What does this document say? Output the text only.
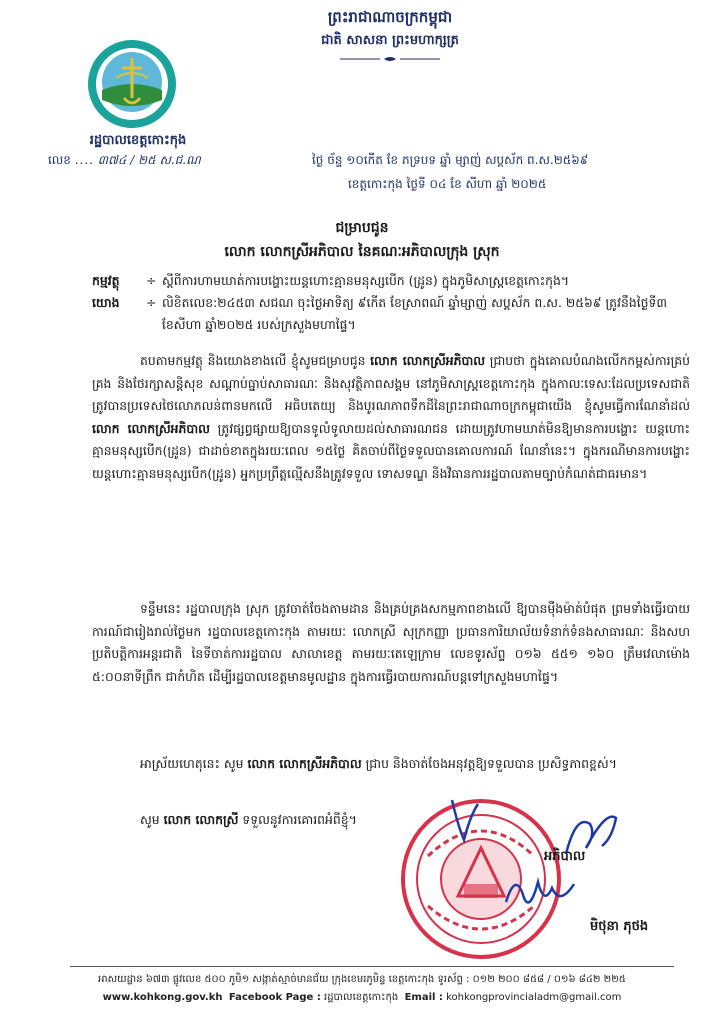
ព្រះរាជាណាចក្រកម្ពុជា
ជាតិ សាសនា ព្រះមហាក្សត្រ
រដ្ឋបាលខេត្តកោះកុង
លេខ .... ៣៧៤ / ២៥ ស.ជ.ណ	ថ្ងៃ ច័ន្ទ ១០កើត ខែ ភទ្របទ ឆ្នាំ ម្សាញ់ សប្តស័ក ព.ស.២៥៦៩
ខេត្តកោះកុង ថ្ងៃទី ០៤ ខែ សីហា ឆ្នាំ ២០២៥
ជម្រាបជូន
លោក លោកស្រីអភិបាល នៃគណៈអភិបាលក្រុង ស្រុក
កម្មវត្ថុ	÷ ស្តីពីការហាមឃាត់ការបង្ហោះយន្តហោះគ្មានមនុស្សបើក (ដ្រូន) ក្នុងភូមិសាស្ត្រខេត្តកោះកុង។
យោង	÷ លិខិតលេខ:២៤៥៣ សជណ ចុះថ្ងៃអាទិត្យ ៩កើត ខែស្រាពណ៍ ឆ្នាំម្សាញ់ សប្តស័ក ព.ស. ២៥៦៩ ត្រូវនឹងថ្ងៃទី៣ ខែសីហា ឆ្នាំ២០២៥ របស់ក្រសួងមហាផ្ទៃ។
តបតាមកម្មវត្ថុ និងយោងខាងលើ ខ្ញុំសូមជម្រាបជូន លោក លោកស្រីអភិបាល ជ្រាបថា ក្នុងគោលបំណងលើកកម្ពស់ការគ្រប់គ្រង និងថែរក្សាសន្តិសុខ សណ្តាប់ធ្នាប់សាធារណៈ និងសុវត្ថិភាពសង្គម នៅភូមិសាស្ត្រខេត្តកោះកុង ក្នុងកាលៈទេសៈដែលប្រទេសជាតិត្រូវបានប្រទេសថៃលោភលន់ពានមកលើ អធិបតេយ្យ និងបូរណភាពទឹកដីនៃព្រះរាជាណាចក្រកម្ពុជាយើង ខ្ញុំសូមធ្វើការណែនាំដល់ លោក លោកស្រីអភិបាល ត្រូវផ្សព្វផ្សាយឱ្យបានទូលំទូលាយដល់សាធារណជន ដោយត្រូវហាមឃាត់មិនឱ្យមានការបង្ហោះ យន្តហោះគ្មានមនុស្សបើក(ដ្រូន) ជាដាច់ខាតក្នុងរយៈពេល ១៥ថ្ងៃ គិតចាប់ពីថ្ងៃទទួលបានគោលការណ៍ ណែនាំនេះ។ ក្នុងករណីមានការបង្ហោះយន្តហោះគ្មានមនុស្សបើក(ដ្រូន) អ្នកប្រព្រឹត្តល្មើសនឹងត្រូវទទួល ទោសទណ្ឌ និងវិធានការរដ្ឋបាលតាមច្បាប់កំណត់ជាធរមាន។
ទន្ទឹមនេះ រដ្ឋបាលក្រុង ស្រុក ត្រូវចាត់ចែងតាមដាន និងគ្រប់គ្រងសកម្មភាពខាងលើ ឱ្យបានម៉ឺងម៉ាត់បំផុត ព្រមទាំងធ្វើរបាយការណ៍ជារៀងរាល់ថ្ងៃមក រដ្ឋបាលខេត្តកោះកុង តាមរយៈ លោកស្រី សុក្រកញ្ញា ប្រធានការិយាល័យទំនាក់ទំនងសាធារណៈ និងសហប្រតិបត្តិការអន្តរជាតិ នៃទីចាត់ការរដ្ឋបាល សាលាខេត្ត តាមរយៈតេឡេក្រាម លេខទូរស័ព្ទ ០១៦ ៥៥១ ១៦០ ត្រឹមវេលាម៉ោង ៥:០០នាទីព្រឹក ជាកំហិត ដើម្បីរដ្ឋបាលខេត្តមានមូលដ្ឋាន ក្នុងការធ្វើរបាយការណ៍បន្តទៅក្រសួងមហាផ្ទៃ។
អាស្រ័យហេតុនេះ សូម លោក លោកស្រីអភិបាល ជ្រាប និងចាត់ចែងអនុវត្តឱ្យទទួលបាន ប្រសិទ្ធភាពខ្ពស់។
សូម លោក លោកស្រី ទទួលនូវការគោរពអំពីខ្ញុំ។
អភិបាល
មិថុនា ភុថង
អាសយដ្ឋាន ៦៧៣ ផ្លូវលេខ ៥០០ ភូមិ១ សង្កាត់ស្មាច់មានជ័យ ក្រុងខេមរភូមិន្ទ ខេត្តកោះកុង ទូរស័ព្ទ : ០១២ ២០០ ៨៥៨ / ០១៦ ៨៤២ ២២៥
www.kohkong.gov.kh Facebook Page : រដ្ឋបាលខេត្តកោះកុង Email : kohkongprovincialadm@gmail.com
